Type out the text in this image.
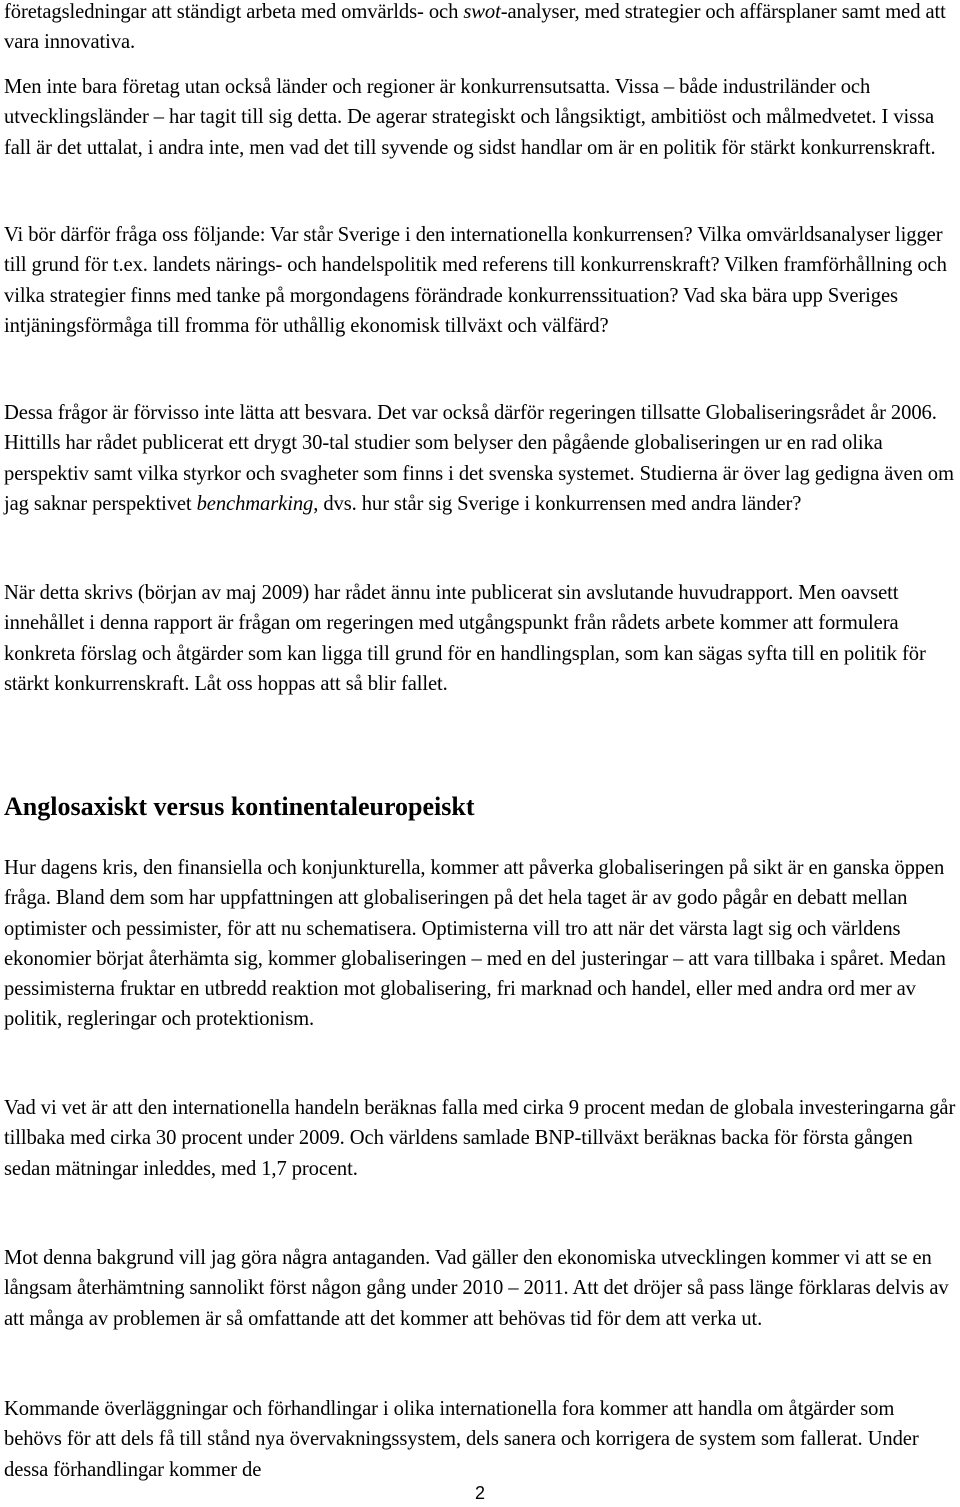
företagsledningar att ständigt arbeta med omvärlds- och swot-analyser, med strategier och affärsplaner samt med att vara innovativa.

Men inte bara företag utan också länder och regioner är konkurrensutsatta. Vissa – både industriländer och utvecklingsländer – har tagit till sig detta. De agerar strategiskt och långsiktigt, ambitiöst och målmedvetet. I vissa fall är det uttalat, i andra inte, men vad det till syvende og sidst handlar om är en politik för stärkt konkurrenskraft.

Vi bör därför fråga oss följande: Var står Sverige i den internationella konkurrensen? Vilka omvärldsanalyser ligger till grund för t.ex. landets närings- och handelspolitik med referens till konkurrenskraft? Vilken framförhållning och vilka strategier finns med tanke på morgondagens förändrade konkurrenssituation? Vad ska bära upp Sveriges intjäningsförmåga till fromma för uthållig ekonomisk tillväxt och välfärd?

Dessa frågor är förvisso inte lätta att besvara. Det var också därför regeringen tillsatte Globaliseringsrådet år 2006. Hittills har rådet publicerat ett drygt 30-tal studier som belyser den pågående globaliseringen ur en rad olika perspektiv samt vilka styrkor och svagheter som finns i det svenska systemet. Studierna är över lag gedigna även om jag saknar perspektivet benchmarking, dvs. hur står sig Sverige i konkurrensen med andra länder?

När detta skrivs (början av maj 2009) har rådet ännu inte publicerat sin avslutande huvudrapport. Men oavsett innehållet i denna rapport är frågan om regeringen med utgångspunkt från rådets arbete kommer att formulera konkreta förslag och åtgärder som kan ligga till grund för en handlingsplan, som kan sägas syfta till en politik för stärkt konkurrenskraft. Låt oss hoppas att så blir fallet.

Anglosaxiskt versus kontinentaleuropeiskt

Hur dagens kris, den finansiella och konjunkturella, kommer att påverka globaliseringen på sikt är en ganska öppen fråga. Bland dem som har uppfattningen att globaliseringen på det hela taget är av godo pågår en debatt mellan optimister och pessimister, för att nu schematisera. Optimisterna vill tro att när det värsta lagt sig och världens ekonomier börjat återhämta sig, kommer globaliseringen – med en del justeringar – att vara tillbaka i spåret. Medan pessimisterna fruktar en utbredd reaktion mot globalisering, fri marknad och handel, eller med andra ord mer av politik, regleringar och protektionism.

Vad vi vet är att den internationella handeln beräknas falla med cirka 9 procent medan de globala investeringarna går tillbaka med cirka 30 procent under 2009. Och världens samlade BNP-tillväxt beräknas backa för första gången sedan mätningar inleddes, med 1,7 procent.

Mot denna bakgrund vill jag göra några antaganden. Vad gäller den ekonomiska utvecklingen kommer vi att se en långsam återhämtning sannolikt först någon gång under 2010 – 2011. Att det dröjer så pass länge förklaras delvis av att många av problemen är så omfattande att det kommer att behövas tid för dem att verka ut.

Kommande överläggningar och förhandlingar i olika internationella fora kommer att handla om åtgärder som behövs för att dels få till stånd nya övervakningssystem, dels sanera och korrigera de system som fallerat. Under dessa förhandlingar kommer de

2
